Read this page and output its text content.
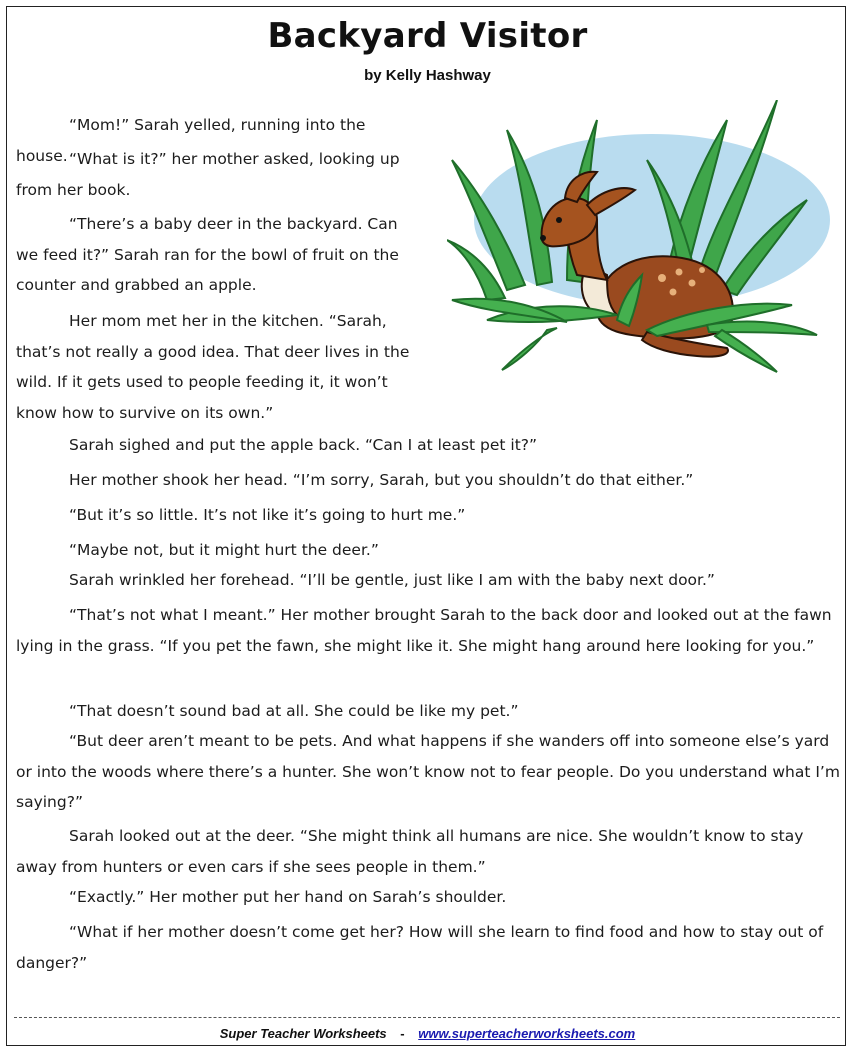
Backyard Visitor
by Kelly Hashway

“Mom!” Sarah yelled, running into the house. “What is it?” her mother asked, looking up from her book.

“There’s a baby deer in the backyard. Can we feed it?” Sarah ran for the bowl of fruit on the counter and grabbed an apple.

Her mom met her in the kitchen. “Sarah, that’s not really a good idea. That deer lives in the wild. If it gets used to people feeding it, it won’t know how to survive on its own.”

Sarah sighed and put the apple back. “Can I at least pet it?”

Her mother shook her head. “I’m sorry, Sarah, but you shouldn’t do that either.”

“But it’s so little. It’s not like it’s going to hurt me.”

“Maybe not, but it might hurt the deer.”

Sarah wrinkled her forehead. “I’ll be gentle, just like I am with the baby next door.”

“That’s not what I meant.” Her mother brought Sarah to the back door and looked out at the fawn lying in the grass. “If you pet the fawn, she might like it. She might hang around here looking for you.”

“That doesn’t sound bad at all. She could be like my pet.”

“But deer aren’t meant to be pets. And what happens if she wanders off into someone else’s yard or into the woods where there’s a hunter. She won’t know not to fear people. Do you understand what I’m saying?”

Sarah looked out at the deer. “She might think all humans are nice. She wouldn’t know to stay away from hunters or even cars if she sees people in them.”

“Exactly.” Her mother put her hand on Sarah’s shoulder.

“What if her mother doesn’t come get her? How will she learn to find food and how to stay out of danger?”

Super Teacher Worksheets - www.superteacherworksheets.com
